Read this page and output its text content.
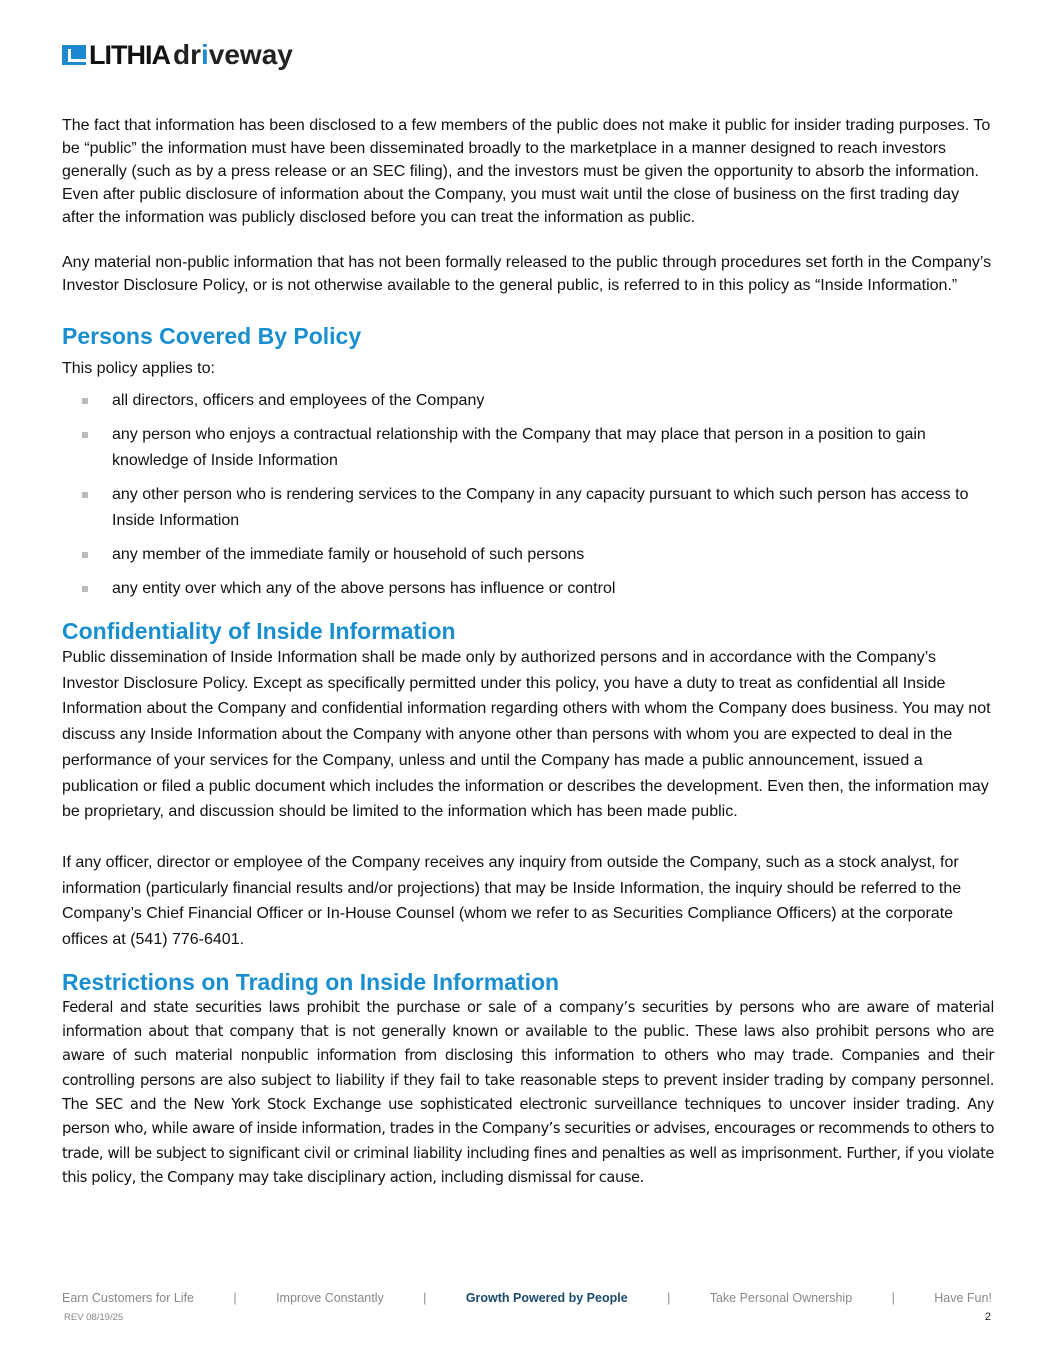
LITHIA driveway

The fact that information has been disclosed to a few members of the public does not make it public for insider trading purposes. To be “public” the information must have been disseminated broadly to the marketplace in a manner designed to reach investors generally (such as by a press release or an SEC filing), and the investors must be given the opportunity to absorb the information. Even after public disclosure of information about the Company, you must wait until the close of business on the first trading day after the information was publicly disclosed before you can treat the information as public.

Any material non-public information that has not been formally released to the public through procedures set forth in the Company’s Investor Disclosure Policy, or is not otherwise available to the general public, is referred to in this policy as “Inside Information.”

Persons Covered By Policy

This policy applies to:

all directors, officers and employees of the Company
any person who enjoys a contractual relationship with the Company that may place that person in a position to gain knowledge of Inside Information
any other person who is rendering services to the Company in any capacity pursuant to which such person has access to Inside Information
any member of the immediate family or household of such persons
any entity over which any of the above persons has influence or control
Confidentiality of Inside Information

Public dissemination of Inside Information shall be made only by authorized persons and in accordance with the Company’s Investor Disclosure Policy. Except as specifically permitted under this policy, you have a duty to treat as confidential all Inside Information about the Company and confidential information regarding others with whom the Company does business. You may not discuss any Inside Information about the Company with anyone other than persons with whom you are expected to deal in the performance of your services for the Company, unless and until the Company has made a public announcement, issued a publication or filed a public document which includes the information or describes the development. Even then, the information may be proprietary, and discussion should be limited to the information which has been made public.

If any officer, director or employee of the Company receives any inquiry from outside the Company, such as a stock analyst, for information (particularly financial results and/or projections) that may be Inside Information, the inquiry should be referred to the Company’s Chief Financial Officer or In-House Counsel (whom we refer to as Securities Compliance Officers) at the corporate offices at (541) 776-6401.

Restrictions on Trading on Inside Information

Federal and state securities laws prohibit the purchase or sale of a company’s securities by persons who are aware of material information about that company that is not generally known or available to the public. These laws also prohibit persons who are aware of such material nonpublic information from disclosing this information to others who may trade. Companies and their controlling persons are also subject to liability if they fail to take reasonable steps to prevent insider trading by company personnel. The SEC and the New York Stock Exchange use sophisticated electronic surveillance techniques to uncover insider trading. Any person who, while aware of inside information, trades in the Company’s securities or advises, encourages or recommends to others to trade, will be subject to significant civil or criminal liability including fines and penalties as well as imprisonment. Further, if you violate this policy, the Company may take disciplinary action, including dismissal for cause.

Earn Customers for Life	|	Improve Constantly	|	Growth Powered by People	|	Take Personal Ownership	|	Have Fun!
REV 08/19/25	2
